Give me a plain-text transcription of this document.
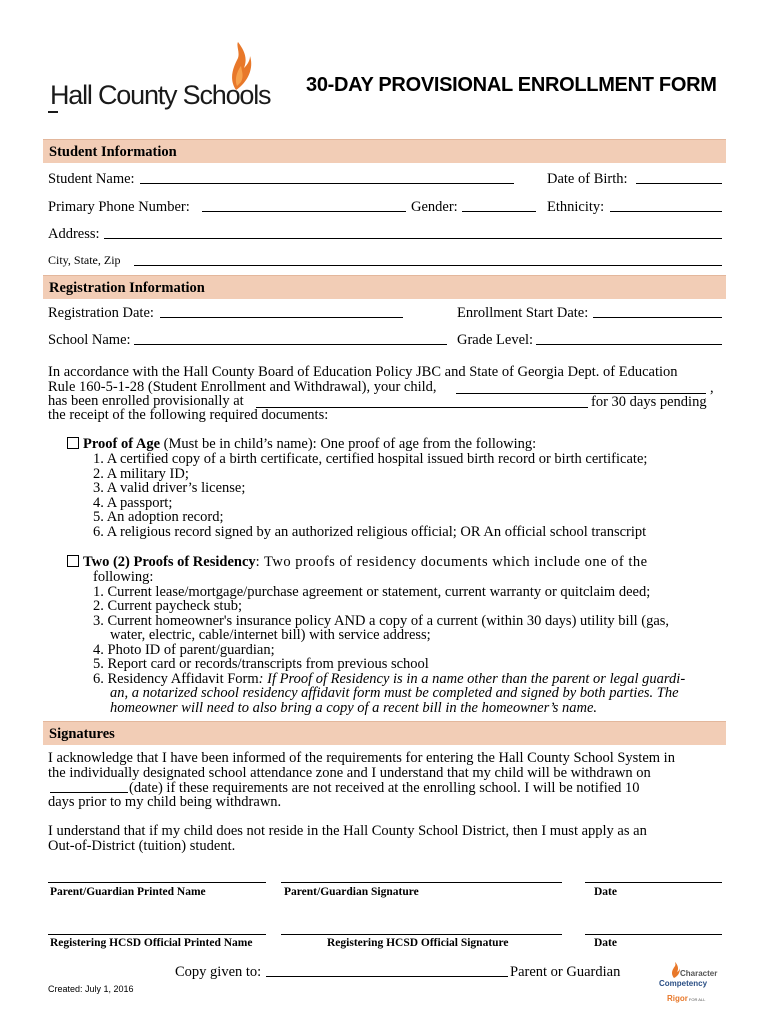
Hall County Schools 30-DAY PROVISIONAL ENROLLMENT FORM
Student Information
Student Name:	Date of Birth:
Primary Phone Number:	Gender:	Ethnicity:
Address:
City, State, Zip
Registration Information
Registration Date:	Enrollment Start Date:
School Name:	Grade Level:
In accordance with the Hall County Board of Education Policy JBC and State of Georgia Dept. of Education
Rule 160-5-1-28 (Student Enrollment and Withdrawal), your child,	,
has been enrolled provisionally at	for 30 days pending
the receipt of the following required documents:
Proof of Age (Must be in child’s name): One proof of age from the following:
1. A certified copy of a birth certificate, certified hospital issued birth record or birth certificate;
2. A military ID;
3. A valid driver’s license;
4. A passport;
5. An adoption record;
6. A religious record signed by an authorized religious official; OR An official school transcript
Two (2) Proofs of Residency: Two proofs of residency documents which include one of the
following:
1. Current lease/mortgage/purchase agreement or statement, current warranty or quitclaim deed;
2. Current paycheck stub;
3. Current homeowner's insurance policy AND a copy of a current (within 30 days) utility bill (gas,
water, electric, cable/internet bill) with service address;
4. Photo ID of parent/guardian;
5. Report card or records/transcripts from previous school
6. Residency Affidavit Form: If Proof of Residency is in a name other than the parent or legal guardi-
an, a notarized school residency affidavit form must be completed and signed by both parties. The
homeowner will need to also bring a copy of a recent bill in the homeowner’s name.
Signatures
I acknowledge that I have been informed of the requirements for entering the Hall County School System in
the individually designated school attendance zone and I understand that my child will be withdrawn on
(date) if these requirements are not received at the enrolling school. I will be notified 10
days prior to my child being withdrawn.
I understand that if my child does not reside in the Hall County School District, then I must apply as an
Out-of-District (tuition) student.
Parent/Guardian Printed Name	Parent/Guardian Signature	Date
Registering HCSD Official Printed Name	Registering HCSD Official Signature	Date
Copy given to:	Parent or Guardian
Created: July 1, 2016
Character
Competency
RigorFOR ALL
